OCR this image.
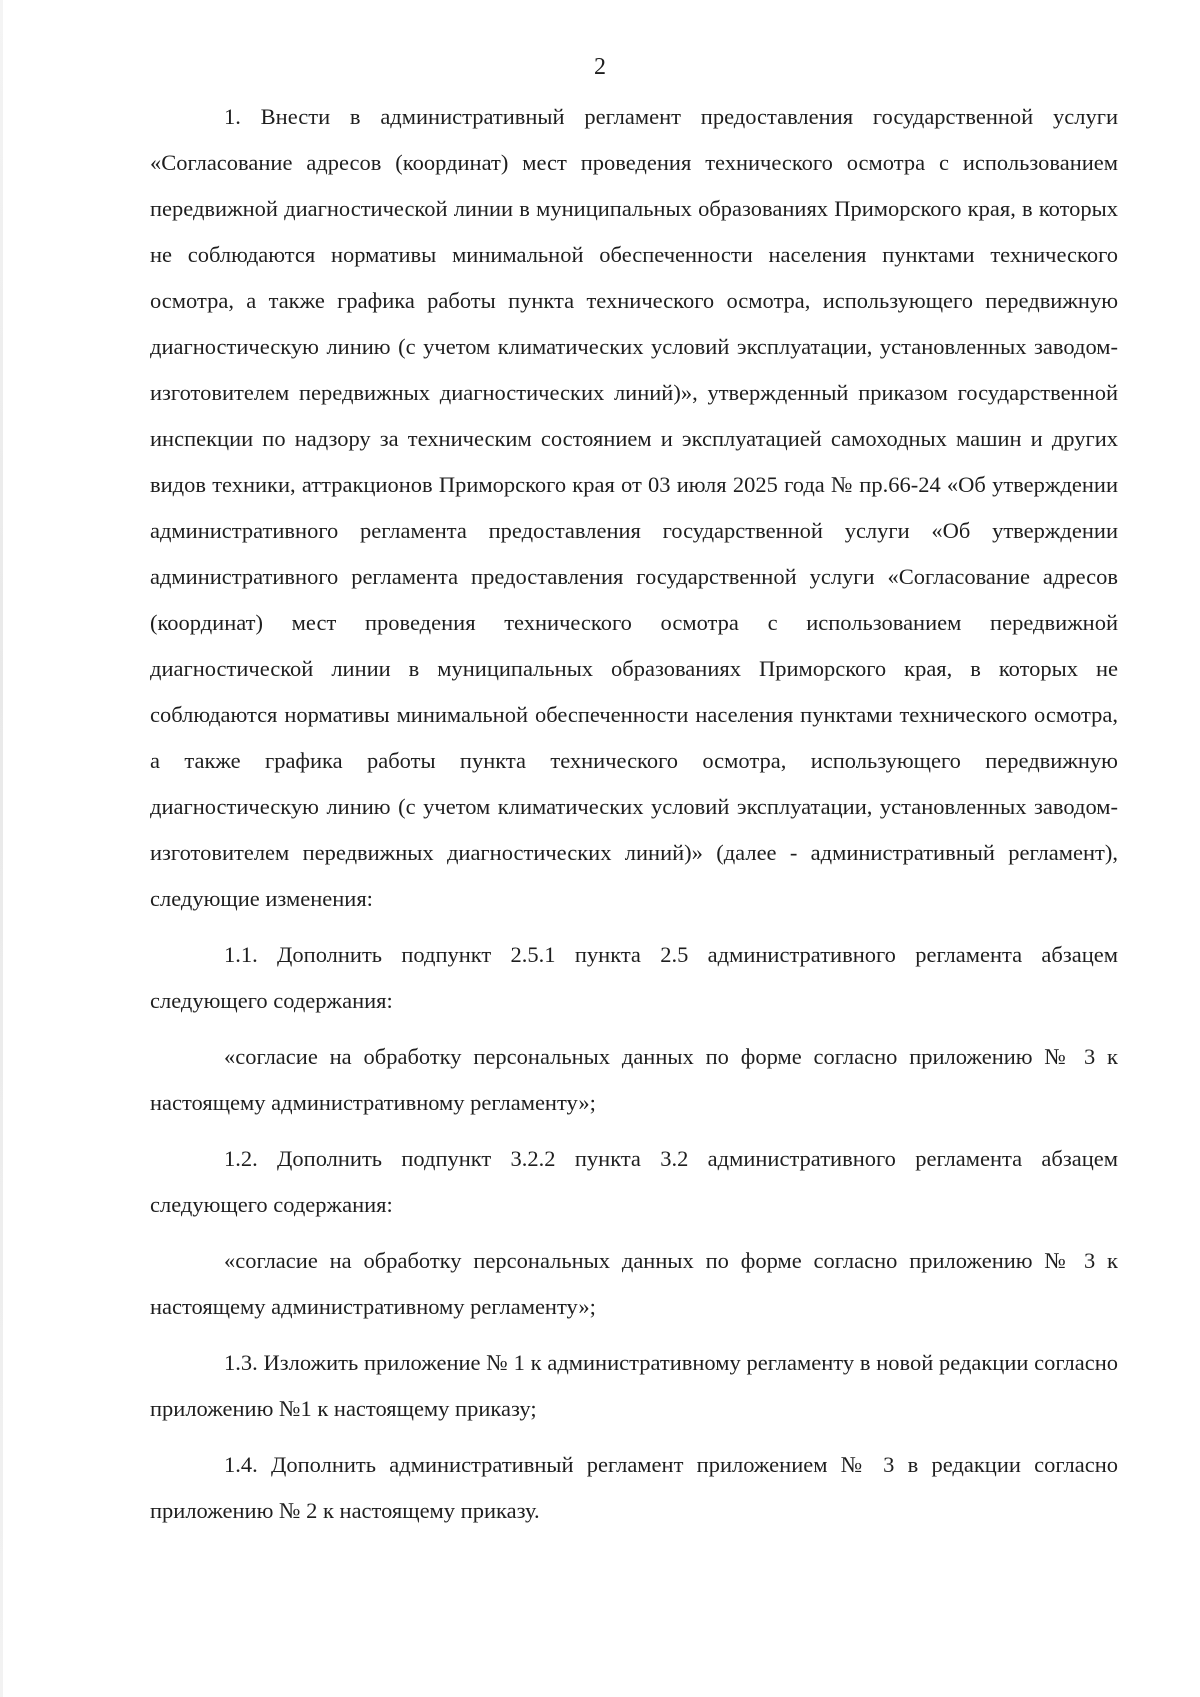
2

1. Внести в административный регламент предоставления государственной услуги «Согласование адресов (координат) мест проведения технического осмотра с использованием передвижной диагностической линии в муниципальных образованиях Приморского края, в которых не соблюдаются нормативы минимальной обеспеченности населения пунктами технического осмотра, а также графика работы пункта технического осмотра, использующего передвижную диагностическую линию (с учетом климатических условий эксплуатации, установленных заводом-изготовителем передвижных диагностических линий)», утвержденный приказом государственной инспекции по надзору за техническим состоянием и эксплуатацией самоходных машин и других видов техники, аттракционов Приморского края от 03 июля 2025 года № пр.66-24 «Об утверждении административного регламента предоставления государственной услуги «Об утверждении административного регламента предоставления государственной услуги «Согласование адресов (координат) мест проведения технического осмотра с использованием передвижной диагностической линии в муниципальных образованиях Приморского края, в которых не соблюдаются нормативы минимальной обеспеченности населения пунктами технического осмотра, а также графика работы пункта технического осмотра, использующего передвижную диагностическую линию (с учетом климатических условий эксплуатации, установленных заводом-изготовителем передвижных диагностических линий)» (далее - административный регламент), следующие изменения:

1.1. Дополнить подпункт 2.5.1 пункта 2.5 административного регламента абзацем следующего содержания:

«согласие на обработку персональных данных по форме согласно приложению № 3 к настоящему административному регламенту»;

1.2. Дополнить подпункт 3.2.2 пункта 3.2 административного регламента абзацем следующего содержания:

«согласие на обработку персональных данных по форме согласно приложению № 3 к настоящему административному регламенту»;

1.3. Изложить приложение № 1 к административному регламенту в новой редакции согласно приложению №1 к настоящему приказу;

1.4. Дополнить административный регламент приложением № 3 в редакции согласно приложению № 2 к настоящему приказу.
